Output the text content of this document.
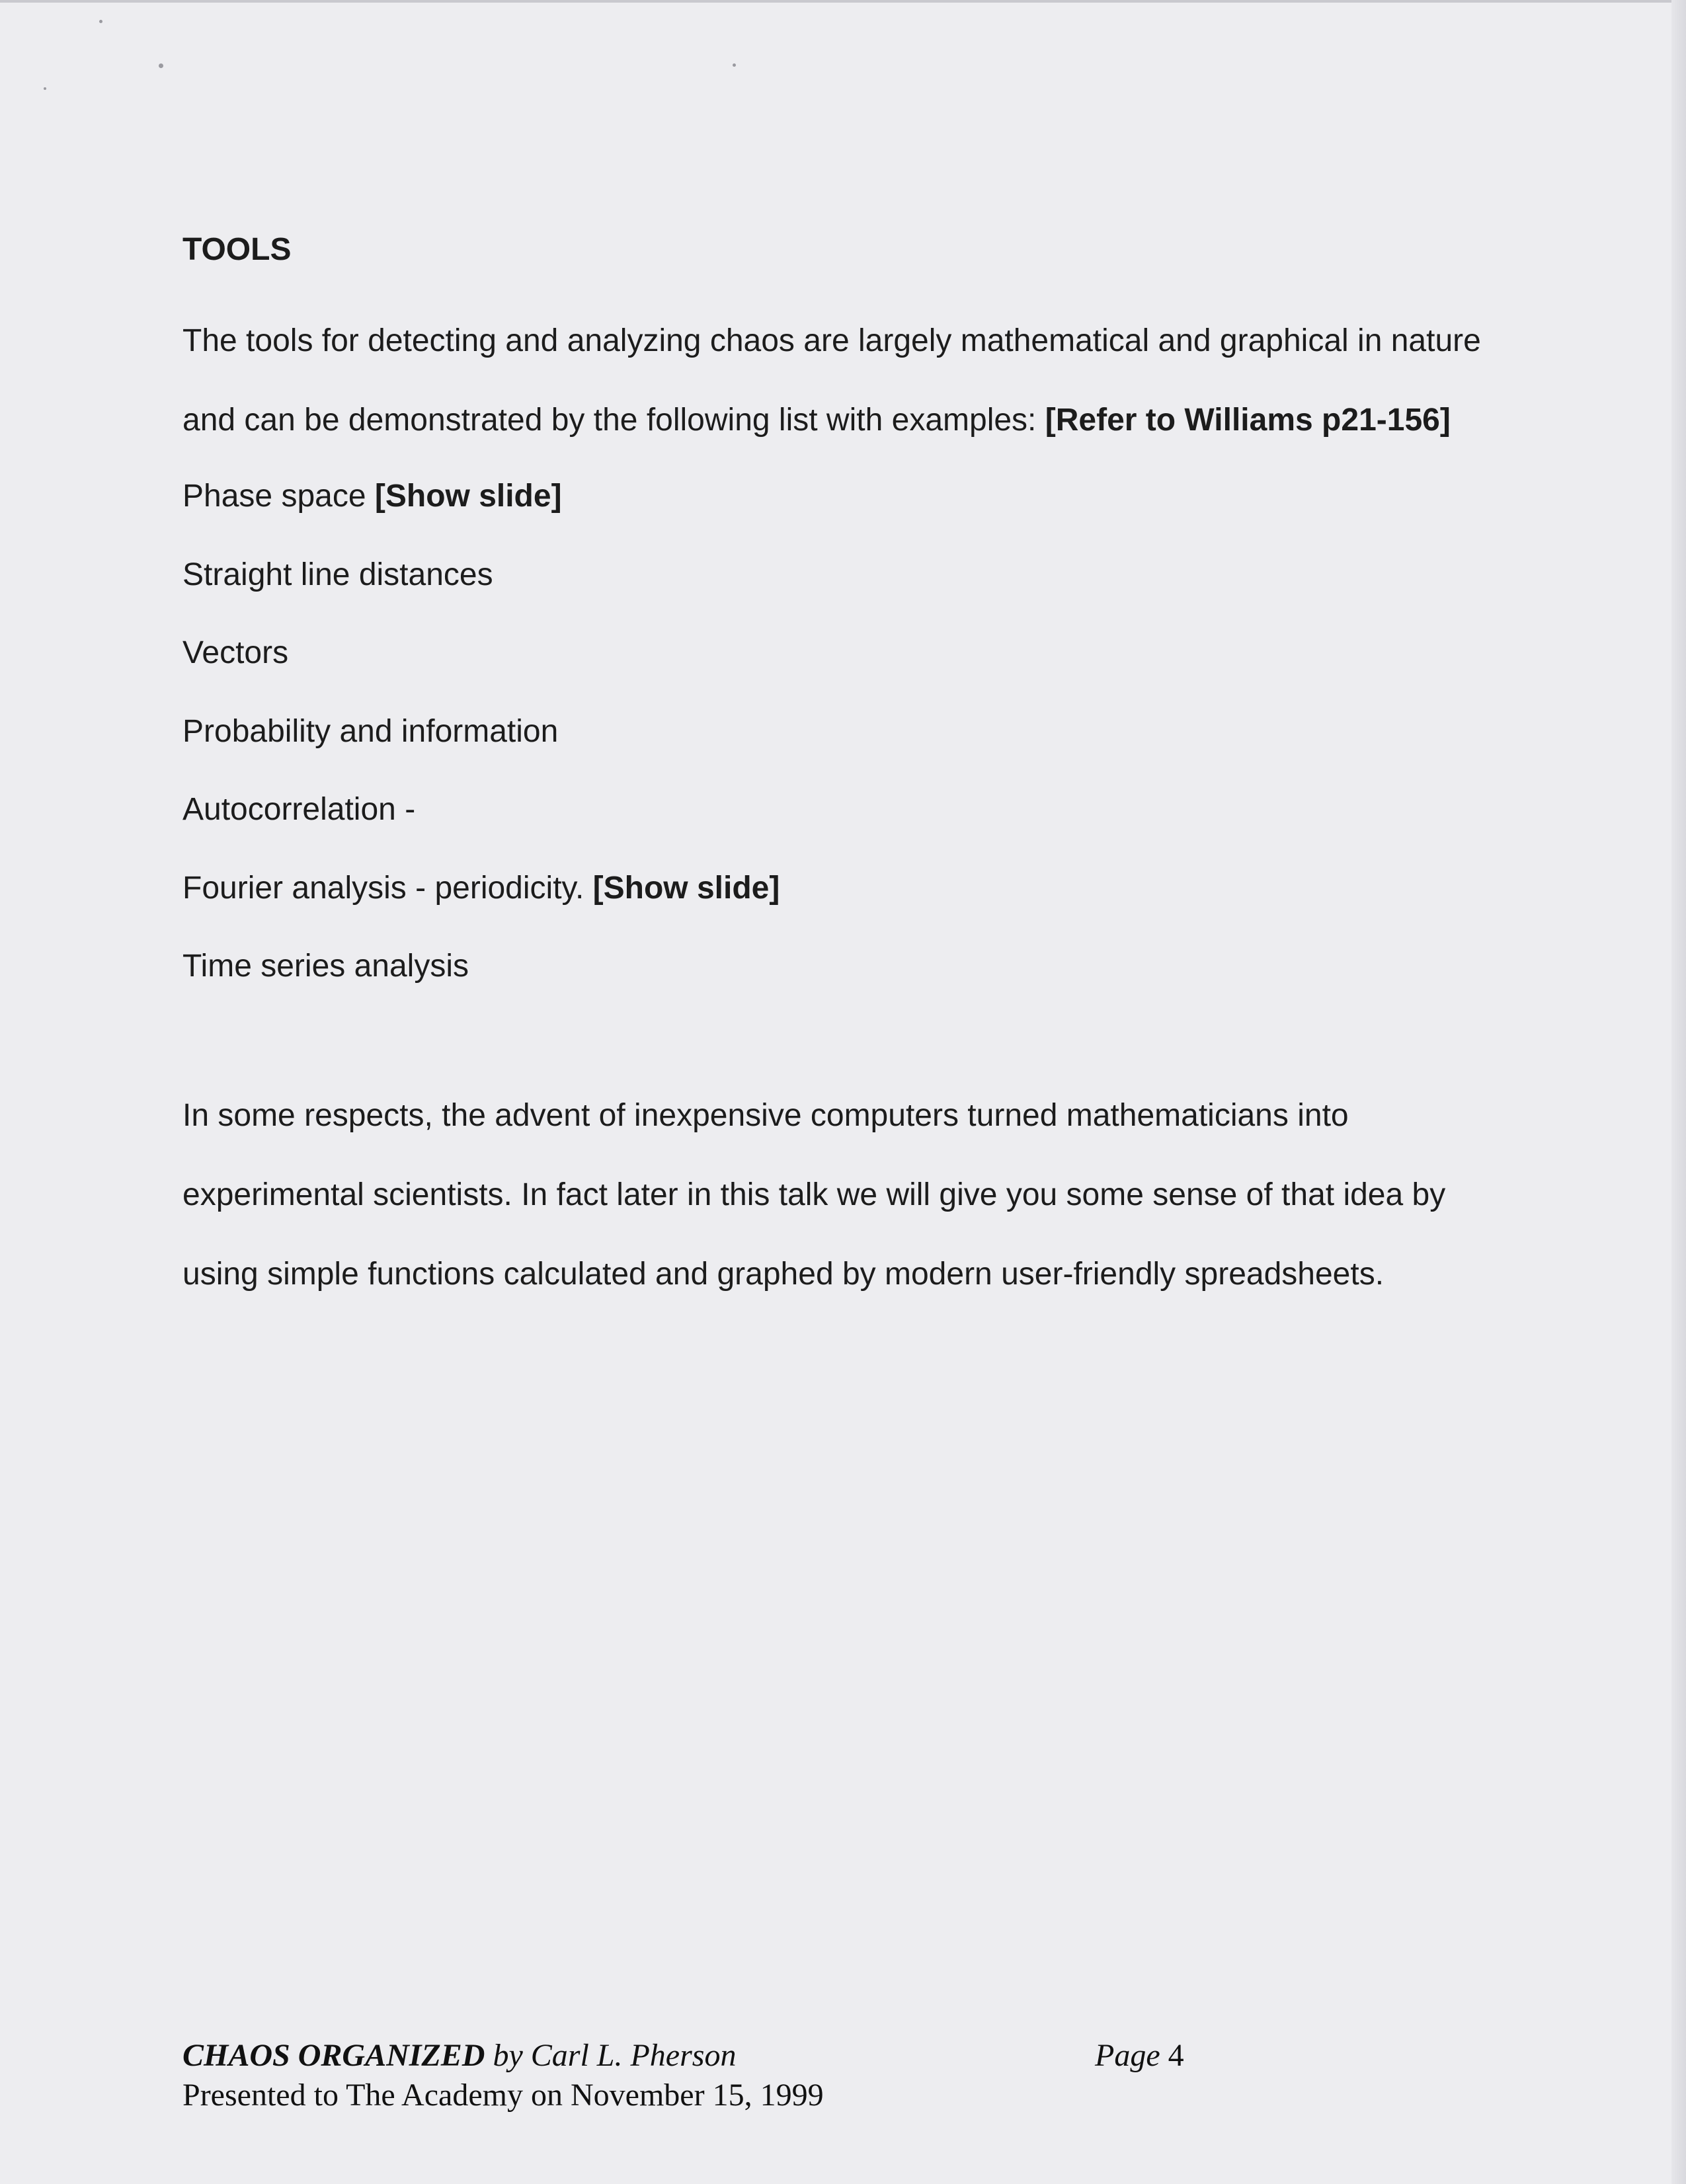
TOOLS

The tools for detecting and analyzing chaos are largely mathematical and graphical in nature and can be demonstrated by the following list with examples: [Refer to Williams p21-156]

Phase space [Show slide]
Straight line distances
Vectors
Probability and information
Autocorrelation -
Fourier analysis - periodicity. [Show slide]
Time series analysis

In some respects, the advent of inexpensive computers turned mathematicians into experimental scientists. In fact later in this talk we will give you some sense of that idea by using simple functions calculated and graphed by modern user-friendly spreadsheets.

CHAOS ORGANIZED by Carl L. Pherson
Presented to The Academy on November 15, 1999
Page 4
